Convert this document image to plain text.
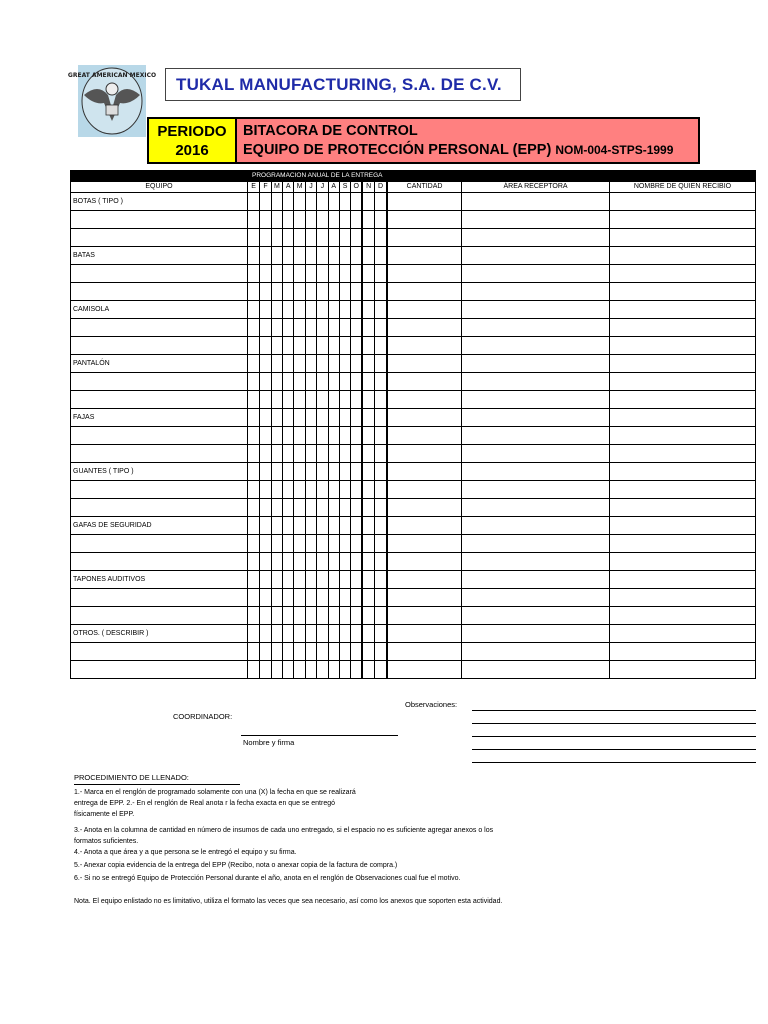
GREAT AMERICAN MEXICO TUKAL MANUFACTURING, S.A. DE C.V.
PERIODO
2016
BITACORA DE CONTROL
EQUIPO DE PROTECCIÓN PERSONAL (EPP) NOM-004-STPS-1999
	PROGRAMACION ANUAL DE LA ENTREGA														
EQUIPO	E	F	M	A	M	J	J	A	S	O	N	D	CANTIDAD	ÁREA RECEPTORA	NOMBRE DE QUIEN RECIBIO
BOTAS ( TIPO )															

BATAS															

CAMISOLA															

PANTALÓN															

FAJAS															

GUANTES ( TIPO )															

GAFAS DE SEGURIDAD															

TAPONES AUDITIVOS															

OTROS. ( DESCRIBIR )															

Observaciones:
COORDINADOR:
Nombre y firma
PROCEDIMIENTO DE LLENADO:
1.- Marca en el renglón de programado solamente con una (X) la fecha en que se realizará
entrega de EPP. 2.- En el renglón de Real anota r la fecha exacta en que se entregó
físicamente el EPP.
3.- Anota en la columna de cantidad en número de insumos de cada uno entregado, si el espacio no es suficiente agregar anexos o los
formatos suficientes.
4.- Anota a que área y a que persona se le entregó el equipo y su firma.
5.- Anexar copia evidencia de la entrega del EPP (Recibo, nota o anexar copia de la factura de compra.)
6.- Si no se entregó Equipo de Protección Personal durante el año, anota en el renglón de Observaciones cual fue el motivo.
Nota. El equipo enlistado no es limitativo, utiliza el formato las veces que sea necesario, así como los anexos que soporten esta actividad.
